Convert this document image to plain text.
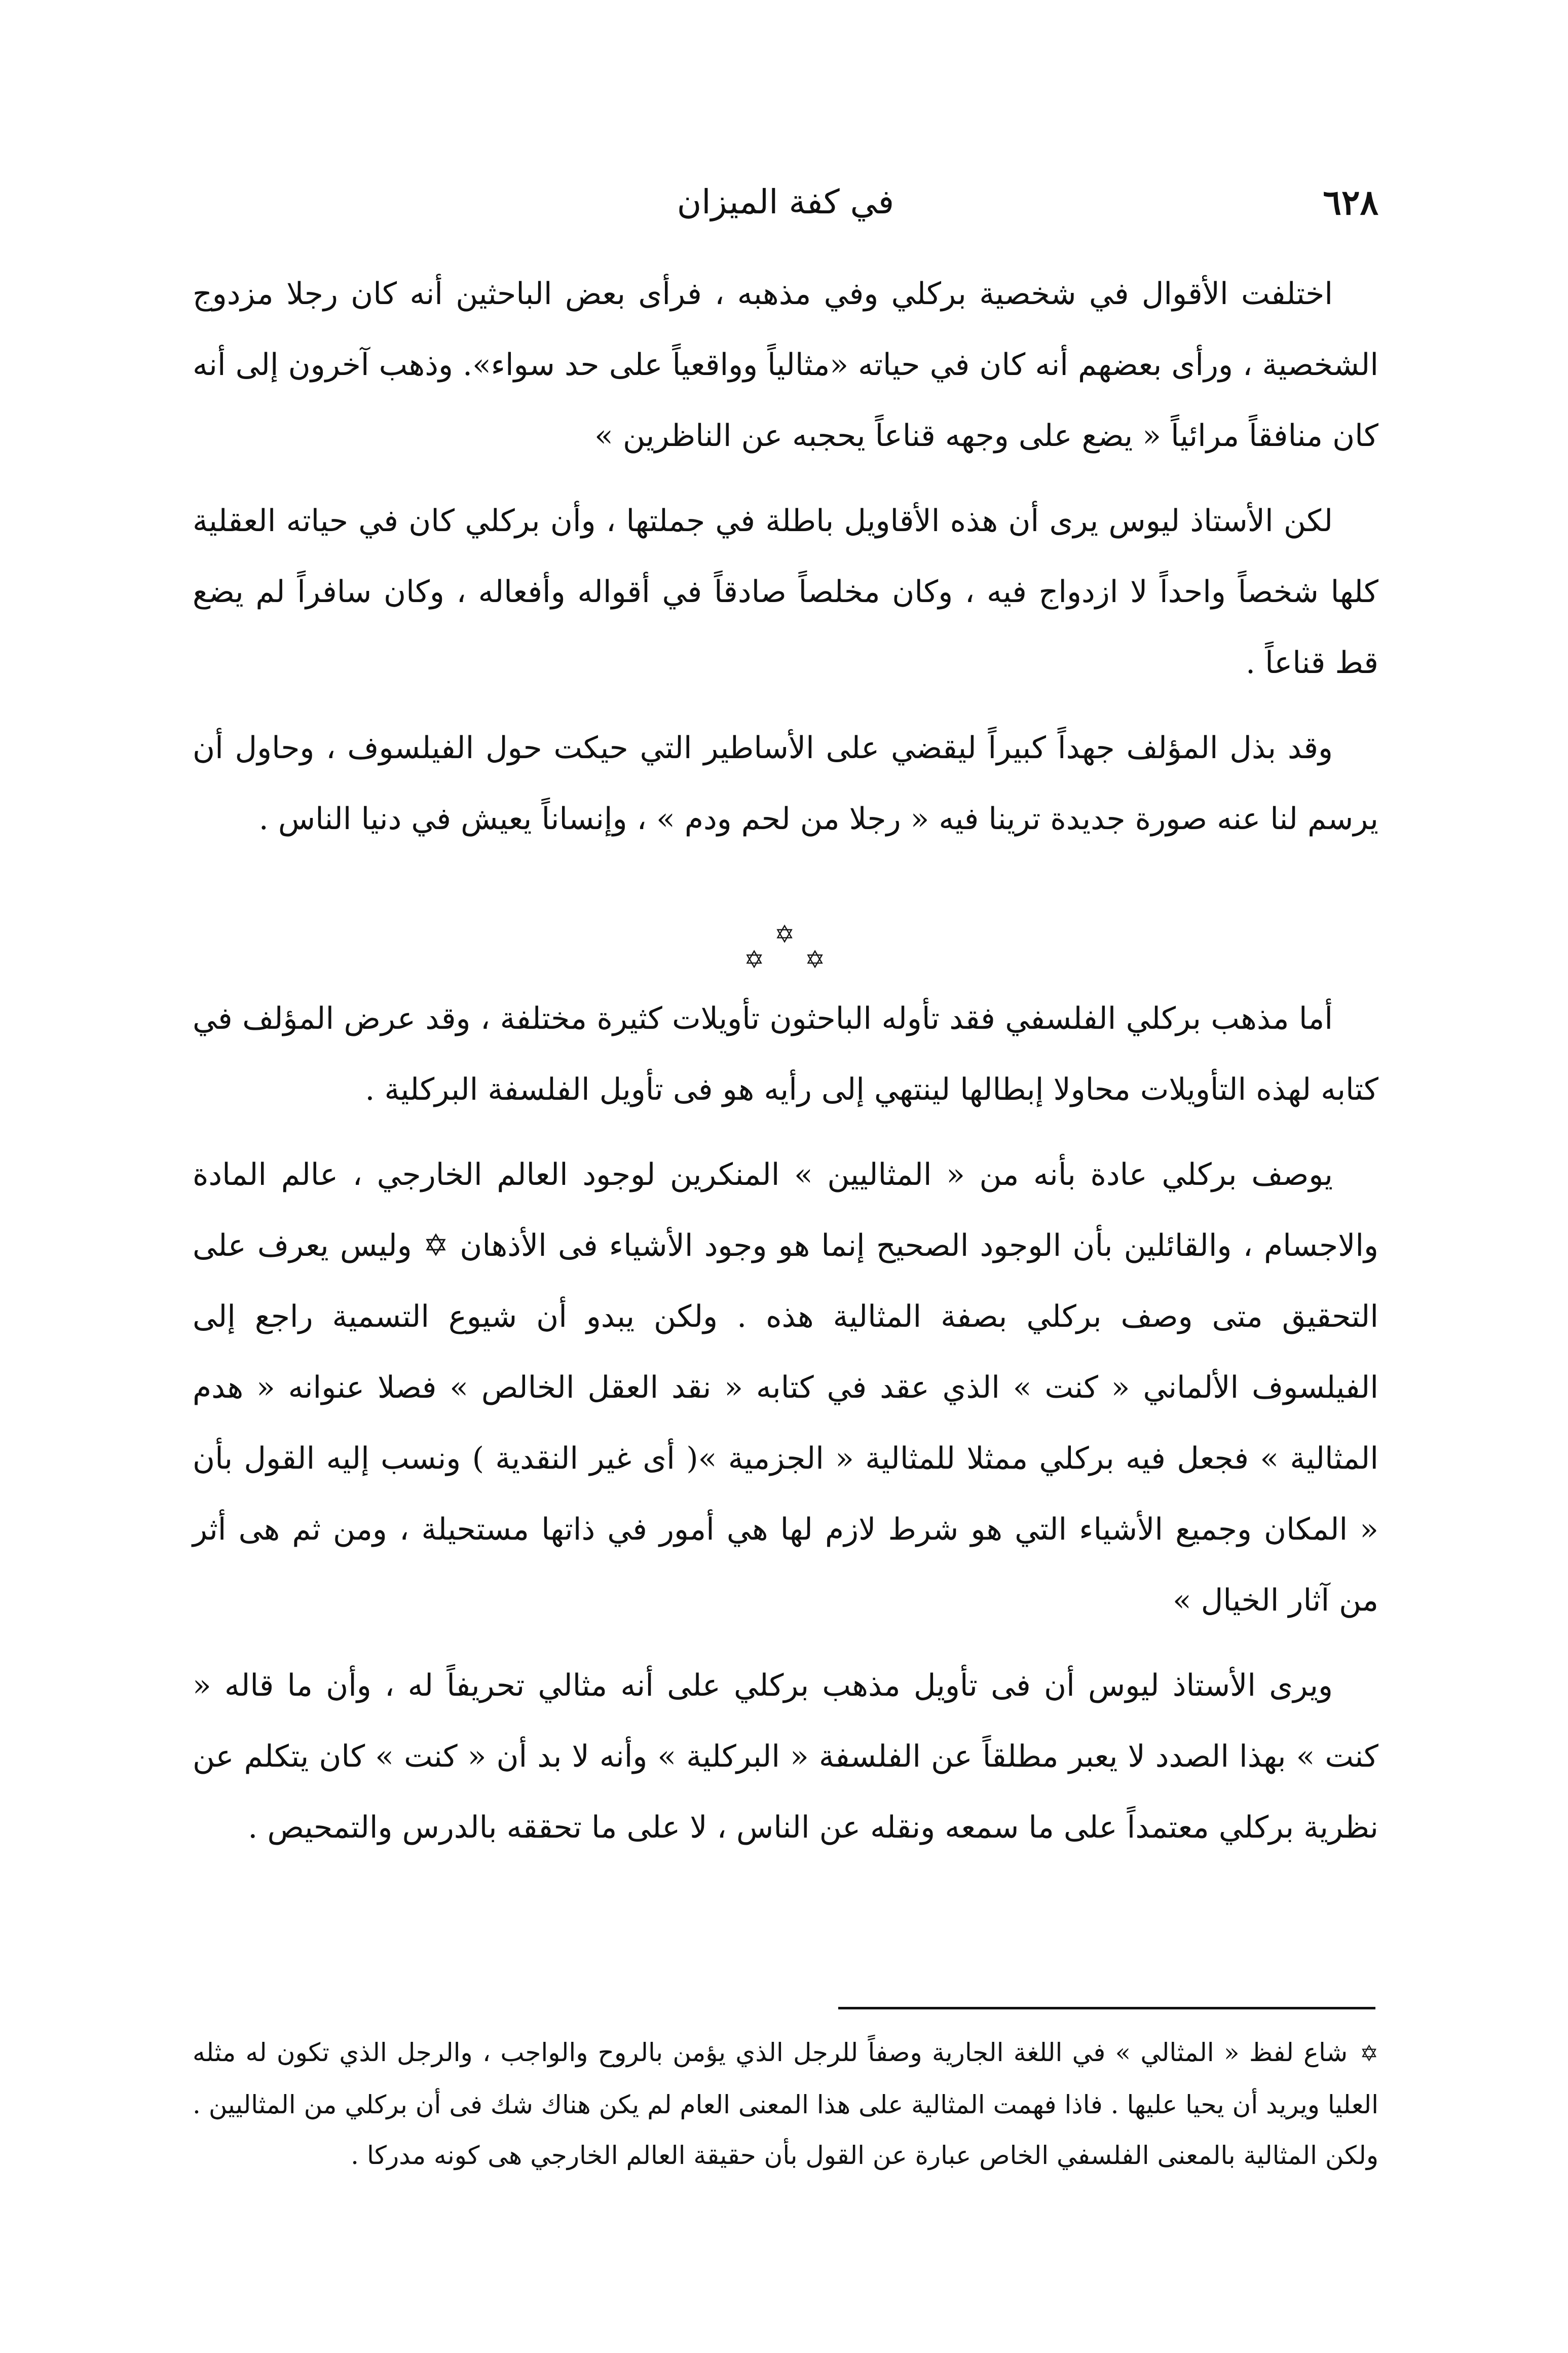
٦٢٨
في كفة الميزان

اختلفت الأقوال في شخصية بركلي وفي مذهبه ، فرأى بعض الباحثين أنه كان رجلا مزدوج الشخصية ، ورأى بعضهم أنه كان في حياته «مثالياً وواقعياً على حد سواء». وذهب آخرون إلى أنه كان منافقاً مرائياً « يضع على وجهه قناعاً يحجبه عن الناظرين »

لكن الأستاذ ليوس يرى أن هذه الأقاويل باطلة في جملتها ، وأن بركلي كان في حياته العقلية كلها شخصاً واحداً لا ازدواج فيه ، وكان مخلصاً صادقاً في أقواله وأفعاله ، وكان سافراً لم يضع قط قناعاً .

وقد بذل المؤلف جهداً كبيراً ليقضي على الأساطير التي حيكت حول الفيلسوف ، وحاول أن يرسم لنا عنه صورة جديدة ترينا فيه « رجلا من لحم ودم » ، وإنساناً يعيش في دنيا الناس .

✡
✡ ✡

أما مذهب بركلي الفلسفي فقد تأوله الباحثون تأويلات كثيرة مختلفة ، وقد عرض المؤلف في كتابه لهذه التأويلات محاولا إبطالها لينتهي إلى رأيه هو فى تأويل الفلسفة البركلية .

يوصف بركلي عادة بأنه من « المثاليين » المنكرين لوجود العالم الخارجي ، عالم المادة والاجسام ، والقائلين بأن الوجود الصحيح إنما هو وجود الأشياء فى الأذهان ✡ وليس يعرف على التحقيق متى وصف بركلي بصفة المثالية هذه . ولكن يبدو أن شيوع التسمية راجع إلى الفيلسوف الألماني « كنت » الذي عقد في كتابه « نقد العقل الخالص » فصلا عنوانه « هدم المثالية » فجعل فيه بركلي ممثلا للمثالية « الجزمية »( أى غير النقدية ) ونسب إليه القول بأن « المكان وجميع الأشياء التي هو شرط لازم لها هي أمور في ذاتها مستحيلة ، ومن ثم هى أثر من آثار الخيال »

ويرى الأستاذ ليوس أن فى تأويل مذهب بركلي على أنه مثالي تحريفاً له ، وأن ما قاله « كنت » بهذا الصدد لا يعبر مطلقاً عن الفلسفة « البركلية » وأنه لا بد أن « كنت » كان يتكلم عن نظرية بركلي معتمداً على ما سمعه ونقله عن الناس ، لا على ما تحققه بالدرس والتمحيص .

✡شاع لفظ « المثالي » في اللغة الجارية وصفاً للرجل الذي يؤمن بالروح والواجب ، والرجل الذي تكون له مثله العليا ويريد أن يحيا عليها . فاذا فهمت المثالية على هذا المعنى العام لم يكن هناك شك فى أن بركلي من المثاليين . ولكن المثالية بالمعنى الفلسفي الخاص عبارة عن القول بأن حقيقة العالم الخارجي هى كونه مدركا .
